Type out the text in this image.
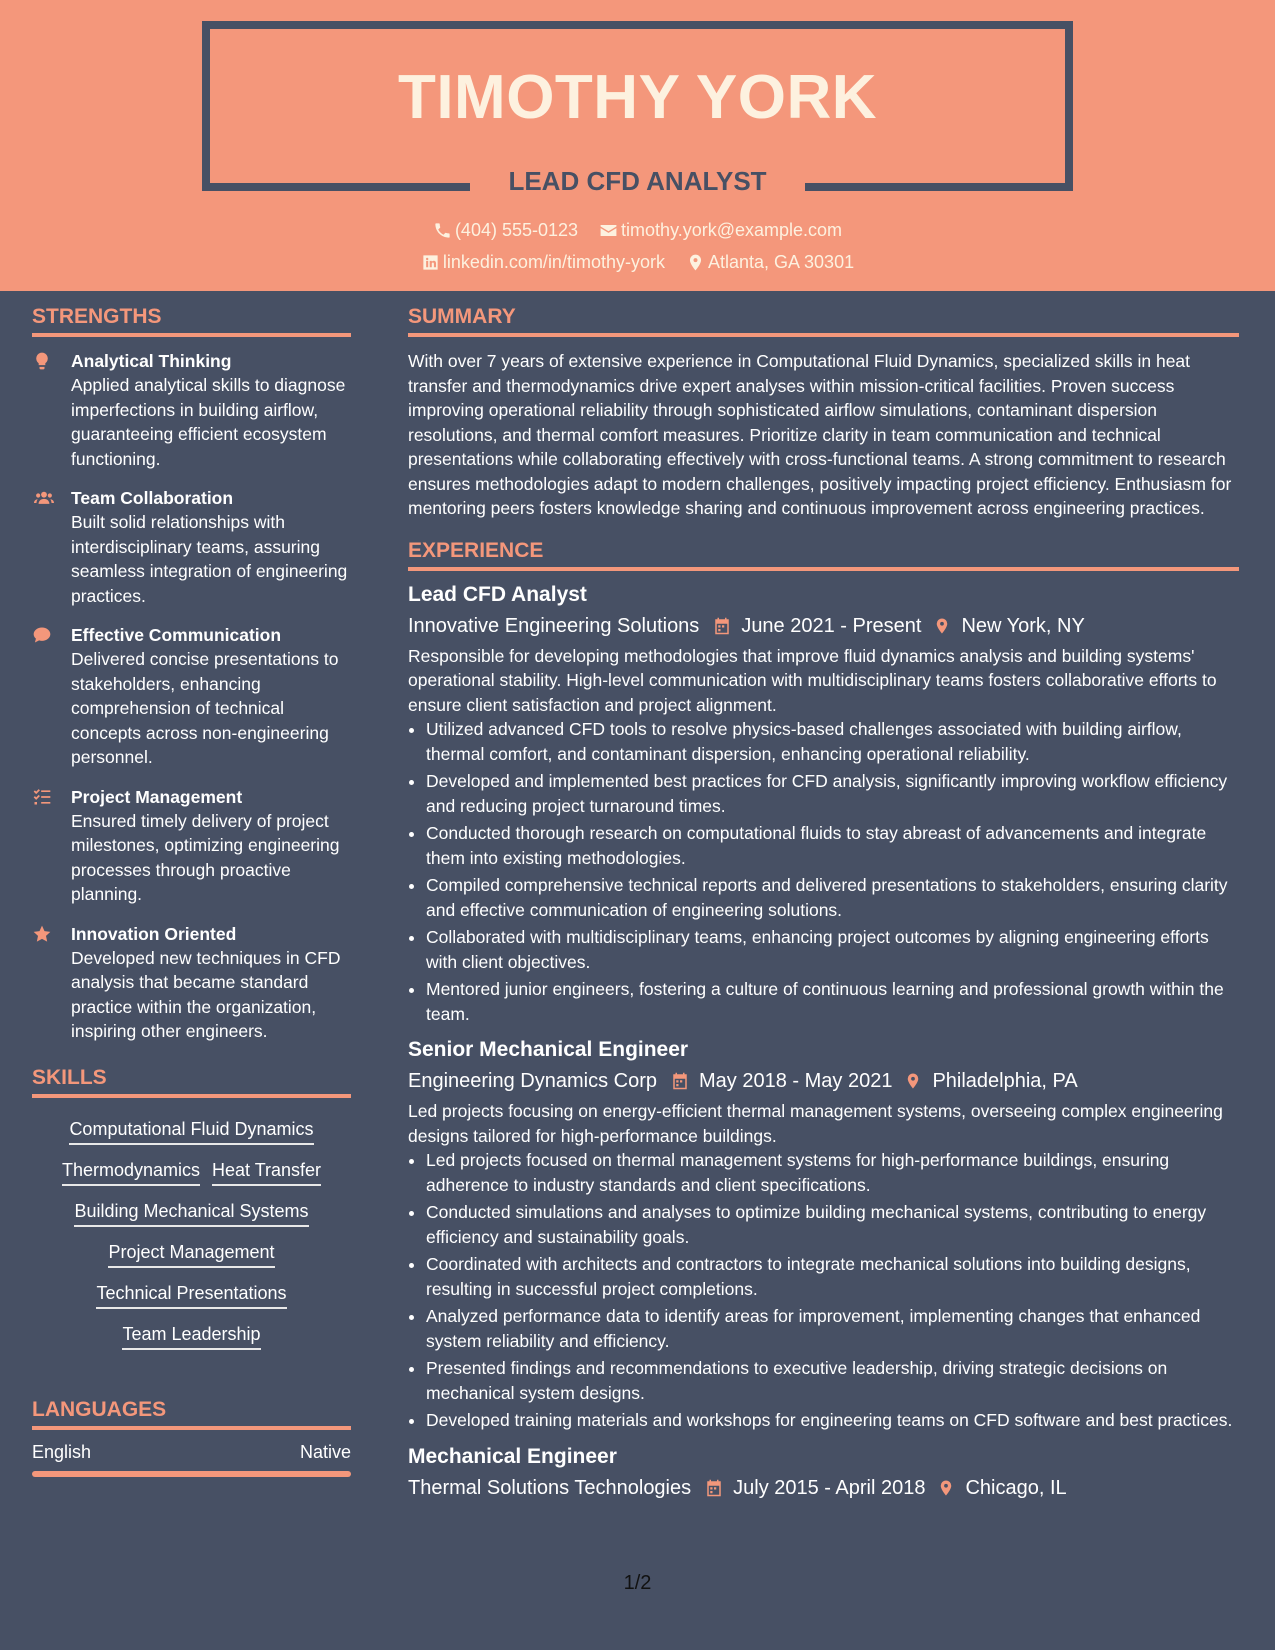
TIMOTHY YORK
LEAD CFD ANALYST
(404) 555-0123
timothy.york@example.com
linkedin.com/in/timothy-york
Atlanta, GA 30301
STRENGTHS
Analytical Thinking
Applied analytical skills to diagnose imperfections in building airflow, guaranteeing efficient ecosystem functioning.
Team Collaboration
Built solid relationships with interdisciplinary teams, assuring seamless integration of engineering practices.
Effective Communication
Delivered concise presentations to stakeholders, enhancing comprehension of technical concepts across non-engineering personnel.
Project Management
Ensured timely delivery of project milestones, optimizing engineering processes through proactive planning.
Innovation Oriented
Developed new techniques in CFD analysis that became standard practice within the organization, inspiring other engineers.
SKILLS
Computational Fluid Dynamics
Thermodynamics Heat Transfer
Building Mechanical Systems
Project Management
Technical Presentations
Team Leadership
LANGUAGES
English	Native
SUMMARY
With over 7 years of extensive experience in Computational Fluid Dynamics, specialized skills in heat transfer and thermodynamics drive expert analyses within mission-critical facilities. Proven success improving operational reliability through sophisticated airflow simulations, contaminant dispersion resolutions, and thermal comfort measures. Prioritize clarity in team communication and technical presentations while collaborating effectively with cross-functional teams. A strong commitment to research ensures methodologies adapt to modern challenges, positively impacting project efficiency. Enthusiasm for mentoring peers fosters knowledge sharing and continuous improvement across engineering practices.
EXPERIENCE
Lead CFD Analyst
Innovative Engineering Solutions June 2021 - Present New York, NY
Responsible for developing methodologies that improve fluid dynamics analysis and building systems' operational stability. High-level communication with multidisciplinary teams fosters collaborative efforts to ensure client satisfaction and project alignment.
• Utilized advanced CFD tools to resolve physics-based challenges associated with building airflow, thermal comfort, and contaminant dispersion, enhancing operational reliability.
• Developed and implemented best practices for CFD analysis, significantly improving workflow efficiency and reducing project turnaround times.
• Conducted thorough research on computational fluids to stay abreast of advancements and integrate them into existing methodologies.
• Compiled comprehensive technical reports and delivered presentations to stakeholders, ensuring clarity and effective communication of engineering solutions.
• Collaborated with multidisciplinary teams, enhancing project outcomes by aligning engineering efforts with client objectives.
• Mentored junior engineers, fostering a culture of continuous learning and professional growth within the team.
Senior Mechanical Engineer
Engineering Dynamics Corp May 2018 - May 2021 Philadelphia, PA
Led projects focusing on energy-efficient thermal management systems, overseeing complex engineering designs tailored for high-performance buildings.
• Led projects focused on thermal management systems for high-performance buildings, ensuring adherence to industry standards and client specifications.
• Conducted simulations and analyses to optimize building mechanical systems, contributing to energy efficiency and sustainability goals.
• Coordinated with architects and contractors to integrate mechanical solutions into building designs, resulting in successful project completions.
• Analyzed performance data to identify areas for improvement, implementing changes that enhanced system reliability and efficiency.
• Presented findings and recommendations to executive leadership, driving strategic decisions on mechanical system designs.
• Developed training materials and workshops for engineering teams on CFD software and best practices.
Mechanical Engineer
Thermal Solutions Technologies July 2015 - April 2018 Chicago, IL
1/2
